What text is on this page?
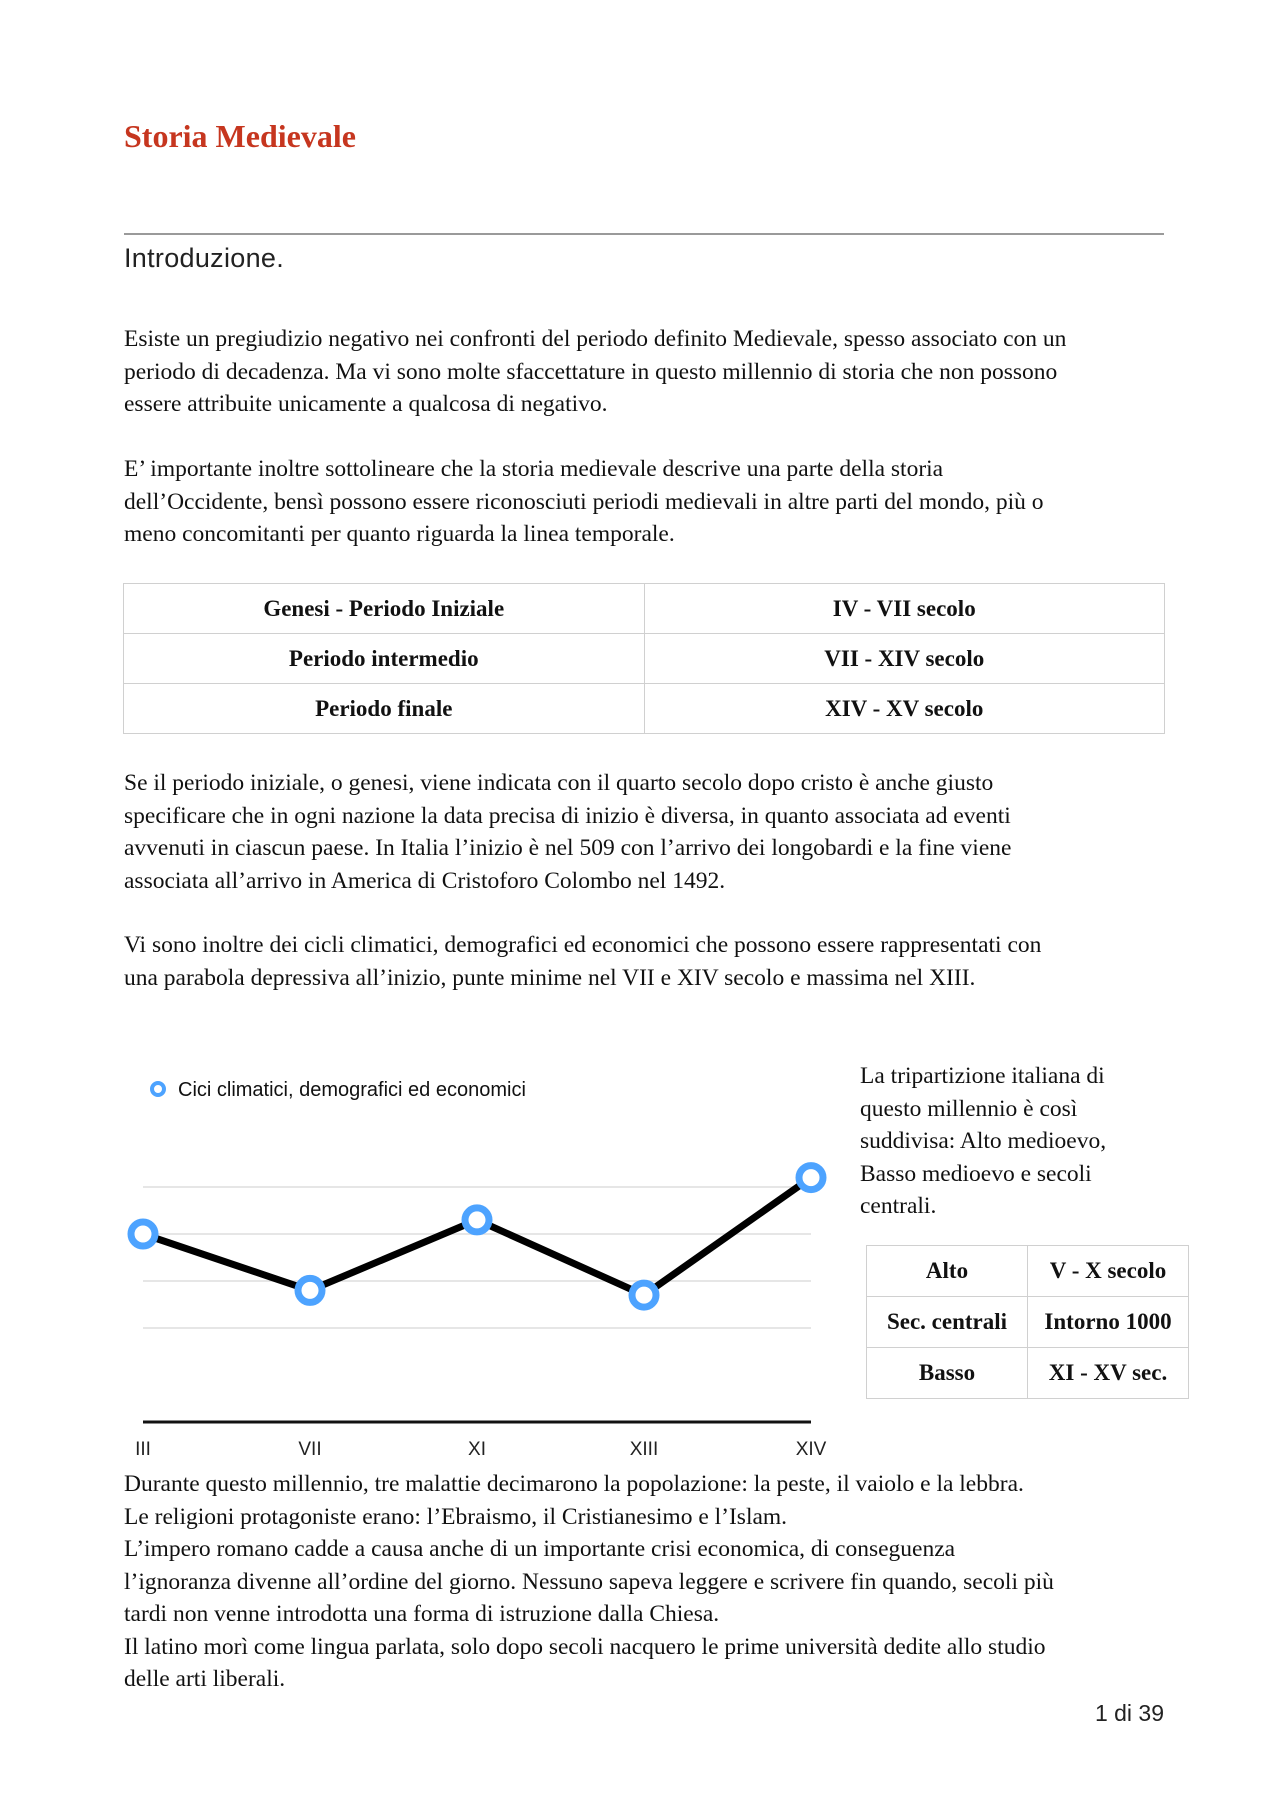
Storia Medievale
Introduzione.

Esiste un pregiudizio negativo nei confronti del periodo definito Medievale, spesso associato con un
periodo di decadenza. Ma vi sono molte sfaccettature in questo millennio di storia che non possono
essere attribuite unicamente a qualcosa di negativo.

E’ importante inoltre sottolineare che la storia medievale descrive una parte della storia
dell’Occidente, bensì possono essere riconosciuti periodi medievali in altre parti del mondo, più o
meno concomitanti per quanto riguarda la linea temporale.

Genesi - Periodo Iniziale	IV - VII secolo
Periodo intermedio	VII - XIV secolo
Periodo finale	XIV - XV secolo

Se il periodo iniziale, o genesi, viene indicata con il quarto secolo dopo cristo è anche giusto
specificare che in ogni nazione la data precisa di inizio è diversa, in quanto associata ad eventi
avvenuti in ciascun paese. In Italia l’inizio è nel 509 con l’arrivo dei longobardi e la fine viene
associata all’arrivo in America di Cristoforo Colombo nel 1492.

Vi sono inoltre dei cicli climatici, demografici ed economici che possono essere rappresentati con
una parabola depressiva all’inizio, punte minime nel VII e XIV secolo e massima nel XIII.

III	VII	XI	XIII	XIV
Cici climatici, demografici ed economici

La tripartizione italiana di
questo millennio è così
suddivisa: Alto medioevo,
Basso medioevo e secoli
centrali.

Alto	V - X secolo
Sec. centrali	Intorno 1000
Basso	XI - XV sec.

Durante questo millennio, tre malattie decimarono la popolazione: la peste, il vaiolo e la lebbra.
Le religioni protagoniste erano: l’Ebraismo, il Cristianesimo e l’Islam.
L’impero romano cadde a causa anche di un importante crisi economica, di conseguenza
l’ignoranza divenne all’ordine del giorno. Nessuno sapeva leggere e scrivere fin quando, secoli più
tardi non venne introdotta una forma di istruzione dalla Chiesa.
Il latino morì come lingua parlata, solo dopo secoli nacquero le prime università dedite allo studio
delle arti liberali.

1 di 39
